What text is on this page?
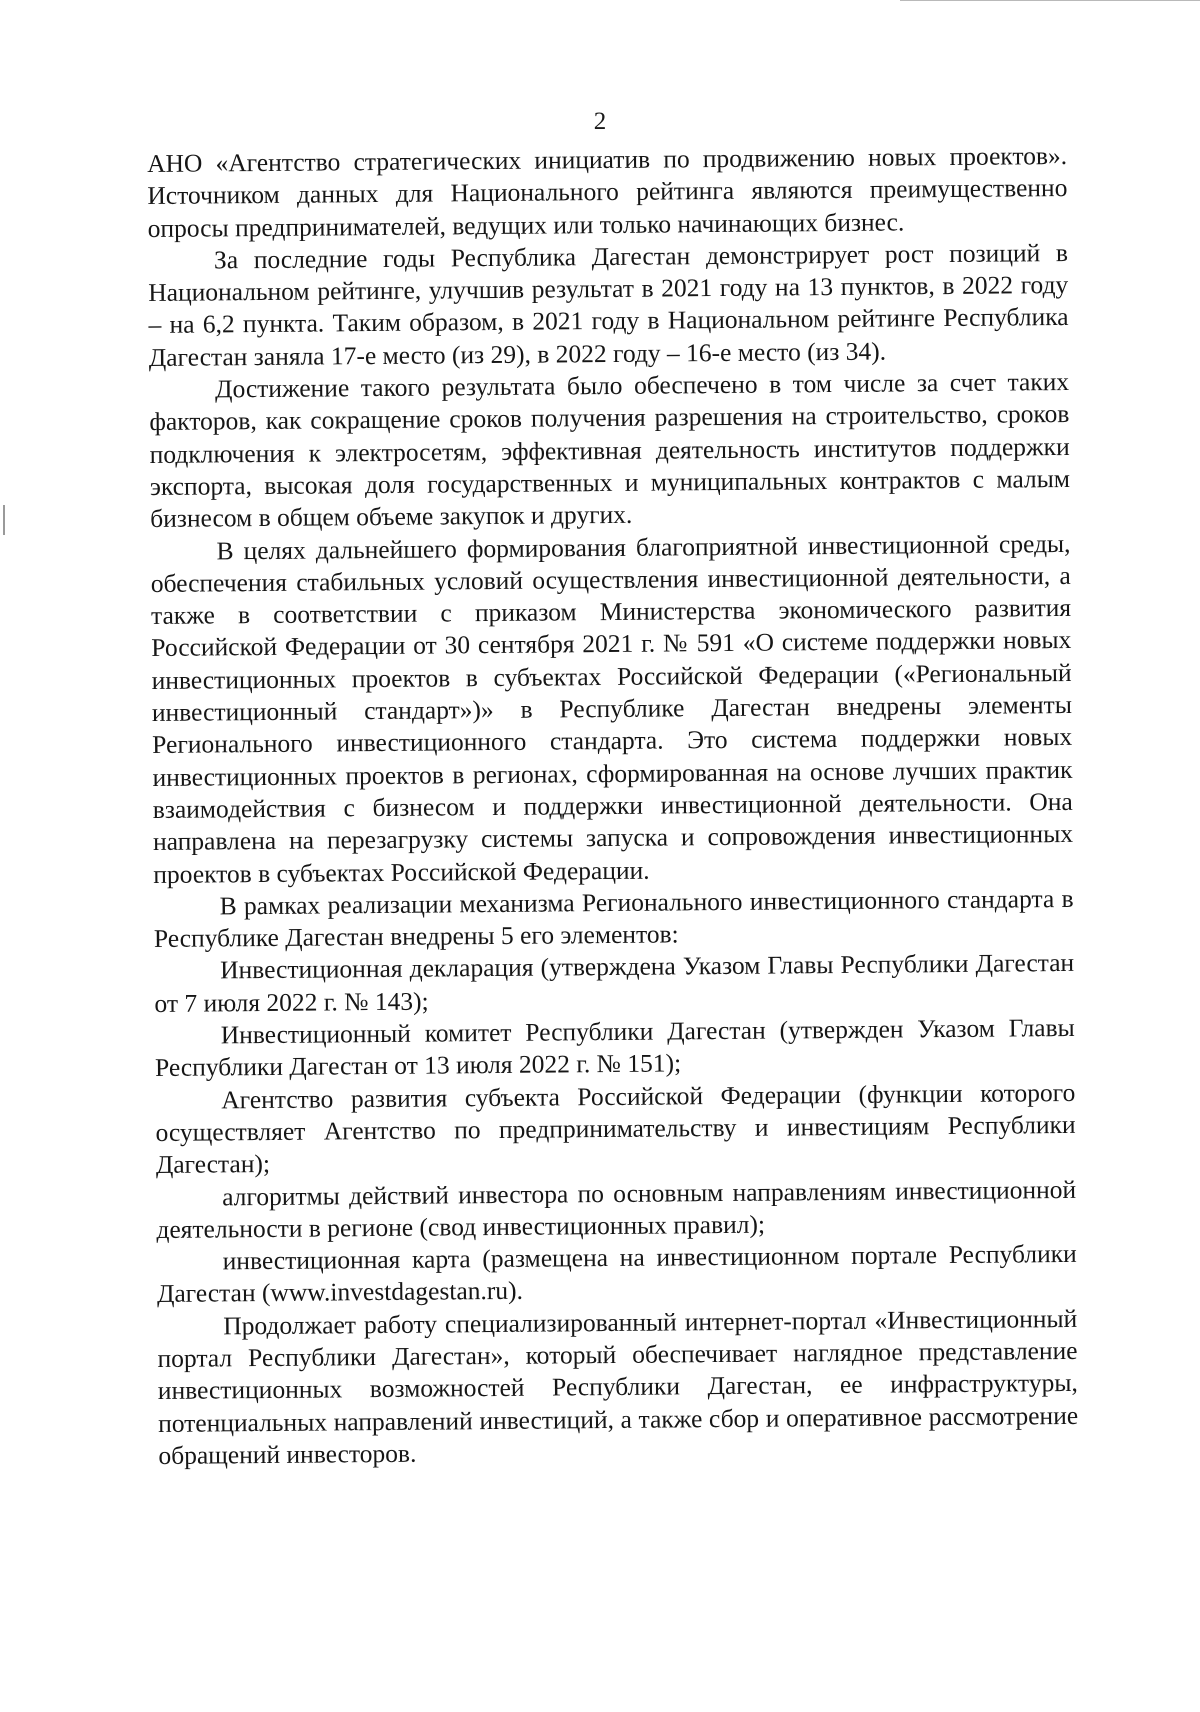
2

АНО «Агентство стратегических инициатив по продвижению новых проектов». Источником данных для Национального рейтинга являются преимущественно опросы предпринимателей, ведущих или только начинающих бизнес.

За последние годы Республика Дагестан демонстрирует рост позиций в Национальном рейтинге, улучшив результат в 2021 году на 13 пунктов, в 2022 году – на 6,2 пункта. Таким образом, в 2021 году в Национальном рейтинге Республика Дагестан заняла 17-е место (из 29), в 2022 году – 16-е место (из 34).

Достижение такого результата было обеспечено в том числе за счет таких факторов, как сокращение сроков получения разрешения на строительство, сроков подключения к электросетям, эффективная деятельность институтов поддержки экспорта, высокая доля государственных и муниципальных контрактов с малым бизнесом в общем объеме закупок и других.

В целях дальнейшего формирования благоприятной инвестиционной среды, обеспечения стабильных условий осуществления инвестиционной деятельности, а также в соответствии с приказом Министерства экономического развития Российской Федерации от 30 сентября 2021 г. № 591 «О системе поддержки новых инвестиционных проектов в субъектах Российской Федерации («Региональный инвестиционный стандарт»)» в Республике Дагестан внедрены элементы Регионального инвестиционного стандарта. Это система поддержки новых инвестиционных проектов в регионах, сформированная на основе лучших практик взаимодействия с бизнесом и поддержки инвестиционной деятельности. Она направлена на перезагрузку системы запуска и сопровождения инвестиционных проектов в субъектах Российской Федерации.

В рамках реализации механизма Регионального инвестиционного стандарта в Республике Дагестан внедрены 5 его элементов:

Инвестиционная декларация (утверждена Указом Главы Республики Дагестан от 7 июля 2022 г. № 143);

Инвестиционный комитет Республики Дагестан (утвержден Указом Главы Республики Дагестан от 13 июля 2022 г. № 151);

Агентство развития субъекта Российской Федерации (функции которого осуществляет Агентство по предпринимательству и инвестициям Республики Дагестан);

алгоритмы действий инвестора по основным направлениям инвестиционной деятельности в регионе (свод инвестиционных правил);

инвестиционная карта (размещена на инвестиционном портале Республики Дагестан (www.investdagestan.ru).

Продолжает работу специализированный интернет-портал «Инвестиционный портал Республики Дагестан», который обеспечивает наглядное представление инвестиционных возможностей Республики Дагестан, ее инфраструктуры, потенциальных направлений инвестиций, а также сбор и оперативное рассмотрение обращений инвесторов.
